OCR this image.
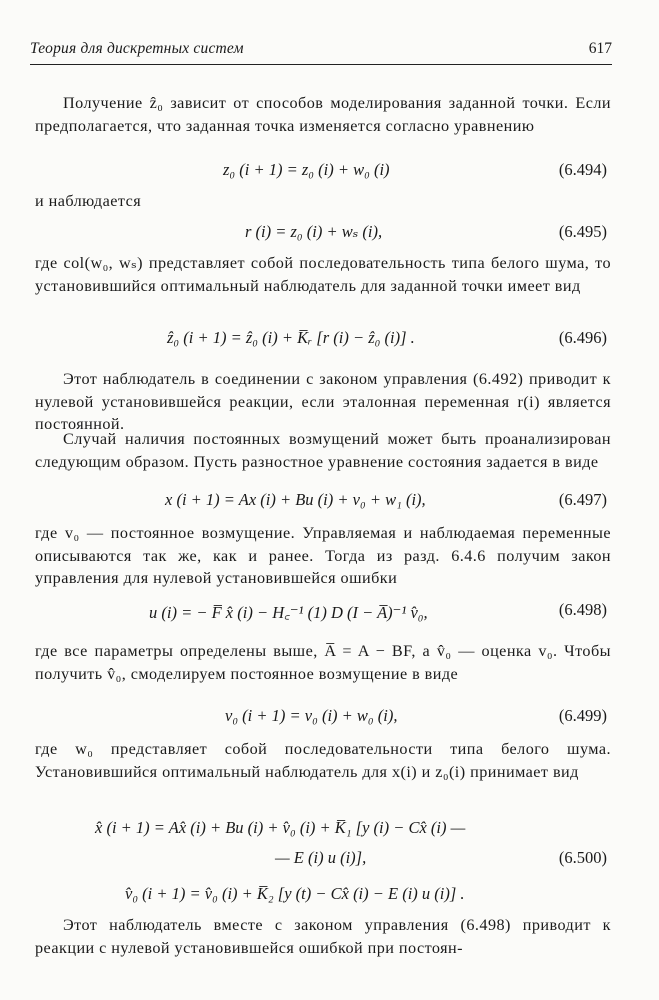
Теория для дискретных систем	617

Получение ẑ₀ зависит от способов моделирования заданной точки. Если предполагается, что заданная точка изменяется согласно уравнению

z₀ (i + 1) = z₀ (i) + w₀ (i)	(6.494)

и наблюдается

r (i) = z₀ (i) + wₛ (i),	(6.495)

где col(w₀, wₛ) представляет собой последовательность типа белого шума, то установившийся оптимальный наблюдатель для заданной точки имеет вид

ẑ₀ (i + 1) = ẑ₀ (i) + K̅ᵣ [r (i) − ẑ₀ (i)] .	(6.496)

Этот наблюдатель в соединении с законом управления (6.492) приводит к нулевой установившейся реакции, если эталонная переменная r(i) является постоянной.

Случай наличия постоянных возмущений может быть проанализирован следующим образом. Пусть разностное уравнение состояния задается в виде

x (i + 1) = Ax (i) + Bu (i) + v₀ + w₁ (i),	(6.497)

где v₀ — постоянное возмущение. Управляемая и наблюдаемая переменные описываются так же, как и ранее. Тогда из разд. 6.4.6 получим закон управления для нулевой установившейся ошибки

u (i) = − F̅ x̂ (i) − H꜀⁻¹ (1) D (I − A̅)⁻¹ v̂₀,	(6.498)

где все параметры определены выше, A̅ = A − BF, а v̂₀ — оценка v₀. Чтобы получить v̂₀, смоделируем постоянное возмущение в виде

v₀ (i + 1) = v₀ (i) + w₀ (i),	(6.499)

где w₀ представляет собой последовательности типа белого шума. Установившийся оптимальный наблюдатель для x(i) и z₀(i) принимает вид

x̂ (i + 1) = Ax̂ (i) + Bu (i) + v̂₀ (i) + K̅₁ [y (i) − Cx̂ (i) —
— E (i) u (i)],	(6.500)
v̂₀ (i + 1) = v̂₀ (i) + K̅₂ [y (t) − Cx̂ (i) − E (i) u (i)] .

Этот наблюдатель вместе с законом управления (6.498) приводит к реакции с нулевой установившейся ошибкой при постоян-
